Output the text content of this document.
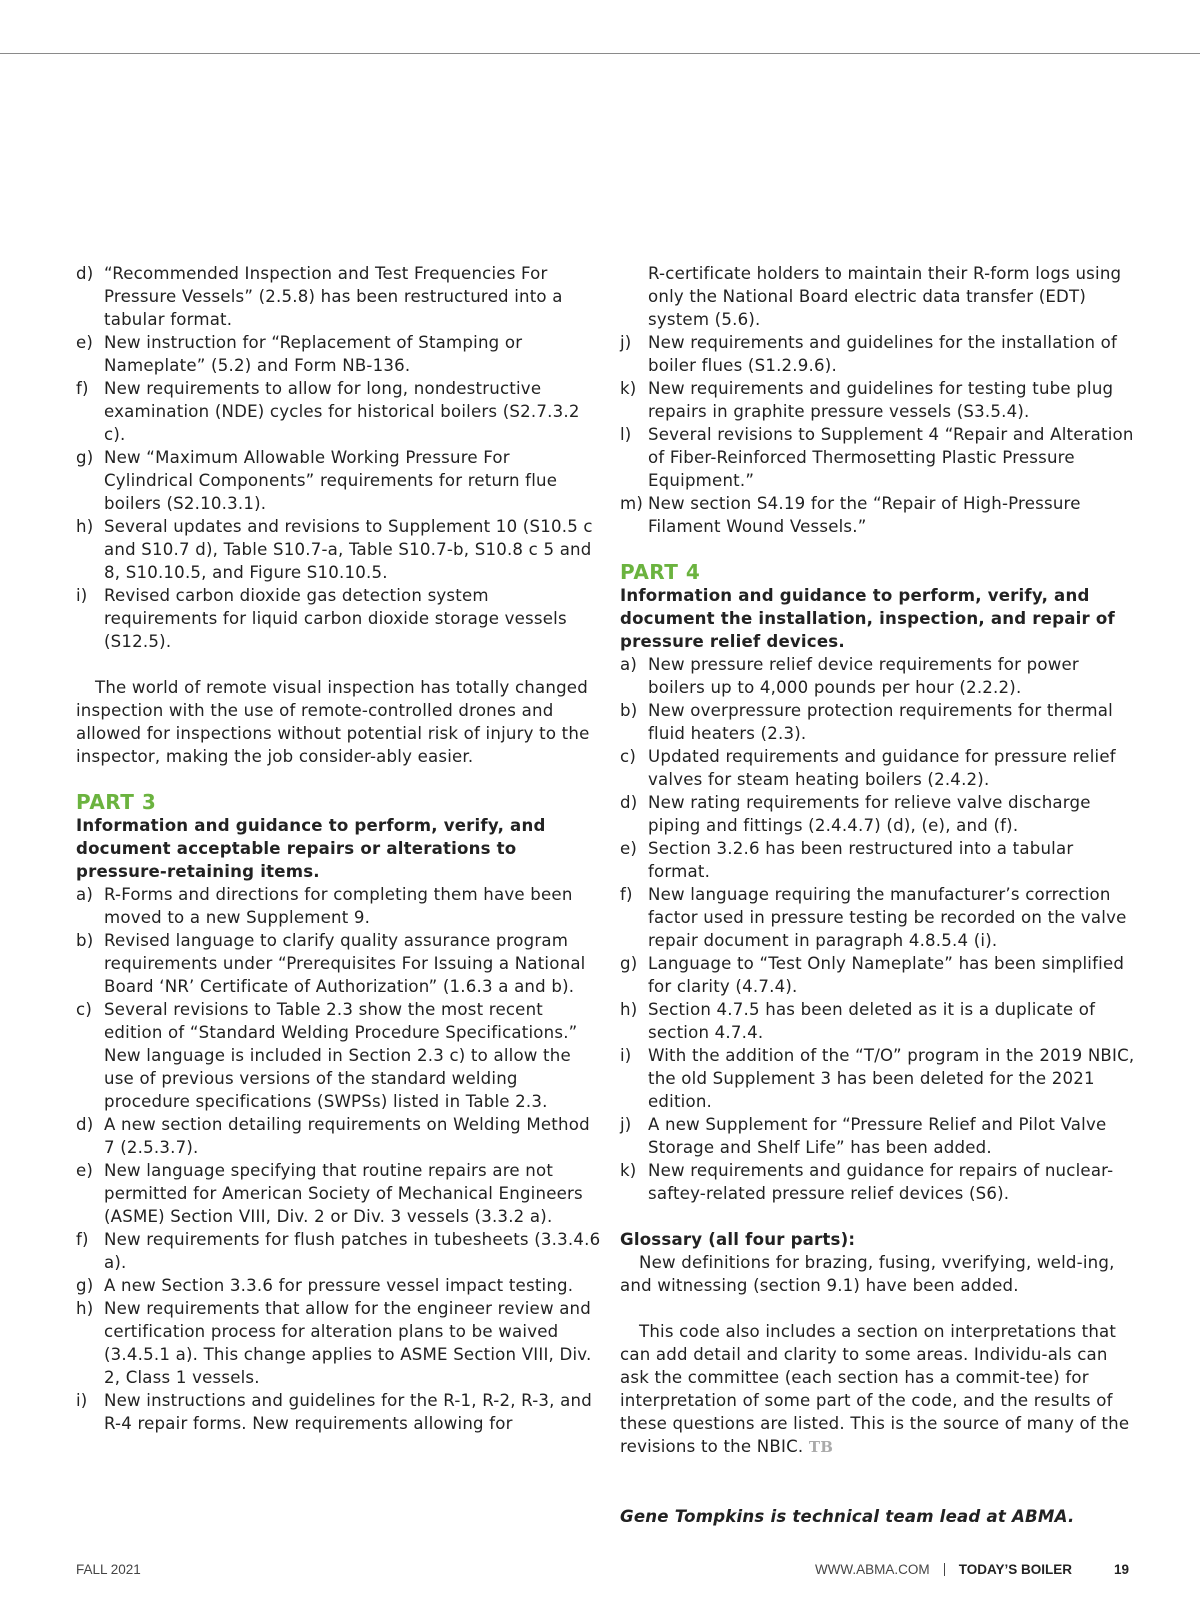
d) “Recommended Inspection and Test Frequencies For Pressure Vessels” (2.5.8) has been restructured into a tabular format.
e) New instruction for “Replacement of Stamping or Nameplate” (5.2) and Form NB-136.
f) New requirements to allow for long, nondestructive examination (NDE) cycles for historical boilers (S2.7.3.2 c).
g) New “Maximum Allowable Working Pressure For Cylindrical Components” requirements for return flue boilers (S2.10.3.1).
h) Several updates and revisions to Supplement 10 (S10.5 c and S10.7 d), Table S10.7-a, Table S10.7-b, S10.8 c 5 and 8, S10.10.5, and Figure S10.10.5.
i) Revised carbon dioxide gas detection system requirements for liquid carbon dioxide storage vessels (S12.5).

The world of remote visual inspection has totally changed inspection with the use of remote-controlled drones and allowed for inspections without potential risk of injury to the inspector, making the job consider-ably easier.

PART 3
Information and guidance to perform, verify, and document acceptable repairs or alterations to pressure-retaining items.
a) R-Forms and directions for completing them have been moved to a new Supplement 9.
b) Revised language to clarify quality assurance program requirements under “Prerequisites For Issuing a National Board ‘NR’ Certificate of Authorization” (1.6.3 a and b).
c) Several revisions to Table 2.3 show the most recent edition of “Standard Welding Procedure Specifications.” New language is included in Section 2.3 c) to allow the use of previous versions of the standard welding procedure specifications (SWPSs) listed in Table 2.3.
d) A new section detailing requirements on Welding Method 7 (2.5.3.7).
e) New language specifying that routine repairs are not permitted for American Society of Mechanical Engineers (ASME) Section VIII, Div. 2 or Div. 3 vessels (3.3.2 a).
f) New requirements for flush patches in tubesheets (3.3.4.6 a).
g) A new Section 3.3.6 for pressure vessel impact testing.
h) New requirements that allow for the engineer review and certification process for alteration plans to be waived (3.4.5.1 a). This change applies to ASME Section VIII, Div. 2, Class 1 vessels.
i) New instructions and guidelines for the R-1, R-2, R-3, and R-4 repair forms. New requirements allowing for
R-certificate holders to maintain their R-form logs using only the National Board electric data transfer (EDT) system (5.6).
j) New requirements and guidelines for the installation of boiler flues (S1.2.9.6).
k) New requirements and guidelines for testing tube plug repairs in graphite pressure vessels (S3.5.4).
l) Several revisions to Supplement 4 “Repair and Alteration of Fiber-Reinforced Thermosetting Plastic Pressure Equipment.”
m) New section S4.19 for the “Repair of High-Pressure Filament Wound Vessels.”
PART 4
Information and guidance to perform, verify, and document the installation, inspection, and repair of pressure relief devices.
a) New pressure relief device requirements for power boilers up to 4,000 pounds per hour (2.2.2).
b) New overpressure protection requirements for thermal fluid heaters (2.3).
c) Updated requirements and guidance for pressure relief valves for steam heating boilers (2.4.2).
d) New rating requirements for relieve valve discharge piping and fittings (2.4.4.7) (d), (e), and (f).
e) Section 3.2.6 has been restructured into a tabular format.
f) New language requiring the manufacturer’s correction factor used in pressure testing be recorded on the valve repair document in paragraph 4.8.5.4 (i).
g) Language to “Test Only Nameplate” has been simplified for clarity (4.7.4).
h) Section 4.7.5 has been deleted as it is a duplicate of section 4.7.4.
i) With the addition of the “T/O” program in the 2019 NBIC, the old Supplement 3 has been deleted for the 2021 edition.
j) A new Supplement for “Pressure Relief and Pilot Valve Storage and Shelf Life” has been added.
k) New requirements and guidance for repairs of nuclear-saftey-related pressure relief devices (S6).
Glossary (all four parts):

New definitions for brazing, fusing, vverifying, weld-ing, and witnessing (section 9.1) have been added.

This code also includes a section on interpretations that can add detail and clarity to some areas. Individu-als can ask the committee (each section has a commit-tee) for interpretation of some part of the code, and the results of these questions are listed. This is the source of many of the revisions to the NBIC. TB

Gene Tompkins is technical team lead at ABMA.

FALL 2021	WWW.ABMA.COM TODAY’S BOILER	19
